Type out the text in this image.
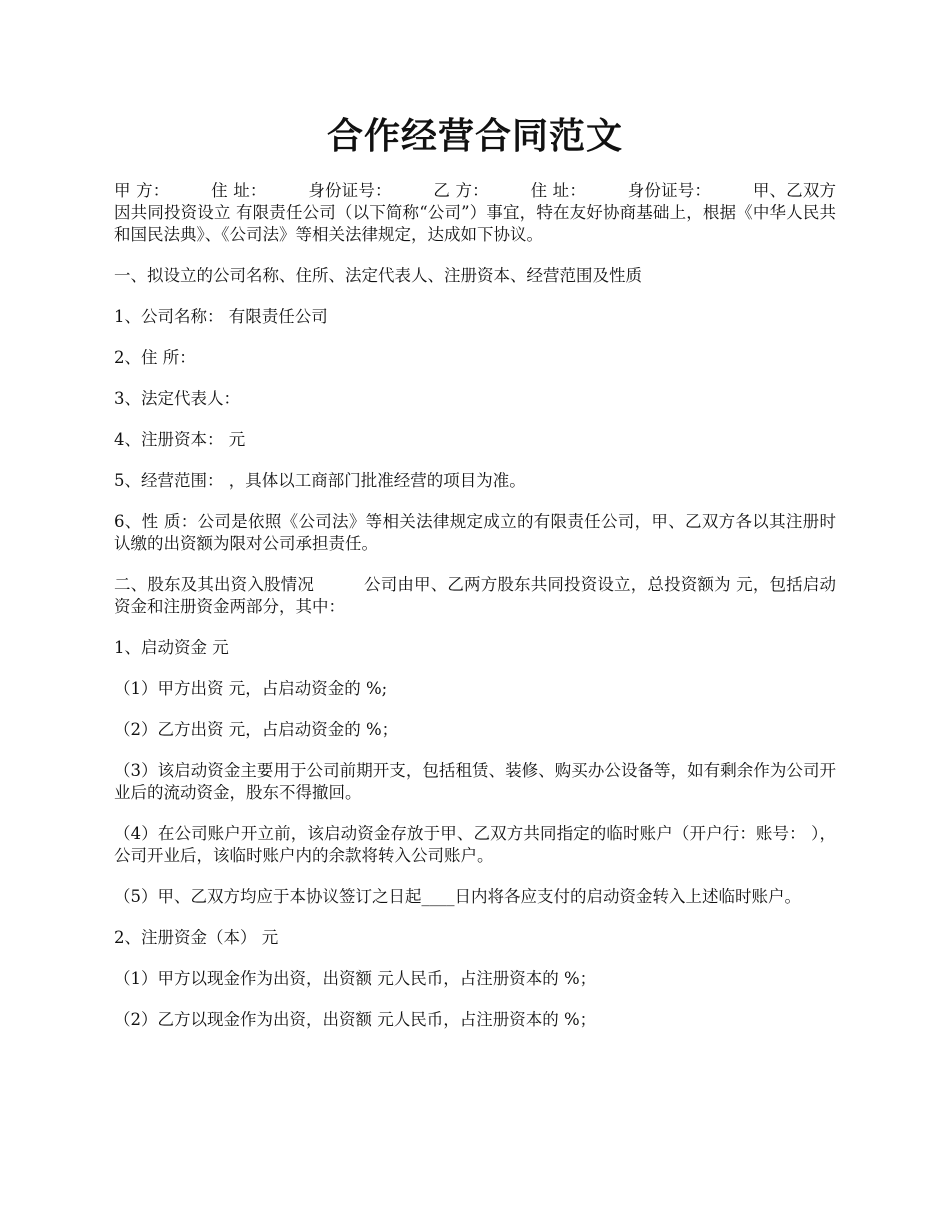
合作经营合同范文

甲 方：　　　住 址：　　　身份证号：　　　乙 方：　　　住 址：　　　身份证号：　　　甲、乙双方因共同投资设立 有限责任公司（以下简称“公司”）事宜，特在友好协商基础上，根据《中华人民共和国民法典》、《公司法》等相关法律规定，达成如下协议。

一、拟设立的公司名称、住所、法定代表人、注册资本、经营范围及性质

1、公司名称： 有限责任公司

2、住 所：

3、法定代表人：

4、注册资本： 元

5、经营范围： ，具体以工商部门批准经营的项目为准。

6、性 质：公司是依照《公司法》等相关法律规定成立的有限责任公司，甲、乙双方各以其注册时认缴的出资额为限对公司承担责任。

二、股东及其出资入股情况　　　公司由甲、乙两方股东共同投资设立，总投资额为 元，包括启动资金和注册资金两部分，其中：

1、启动资金 元

（1）甲方出资 元，占启动资金的 %;

（2）乙方出资 元，占启动资金的 %；

（3）该启动资金主要用于公司前期开支，包括租赁、装修、购买办公设备等，如有剩余作为公司开业后的流动资金，股东不得撤回。

（4）在公司账户开立前，该启动资金存放于甲、乙双方共同指定的临时账户（开户行：账号： ），公司开业后，该临时账户内的余款将转入公司账户。

（5）甲、乙双方均应于本协议签订之日起____日内将各应支付的启动资金转入上述临时账户。

2、注册资金（本） 元

（1）甲方以现金作为出资，出资额 元人民币，占注册资本的 %；

（2）乙方以现金作为出资，出资额 元人民币，占注册资本的 %；
